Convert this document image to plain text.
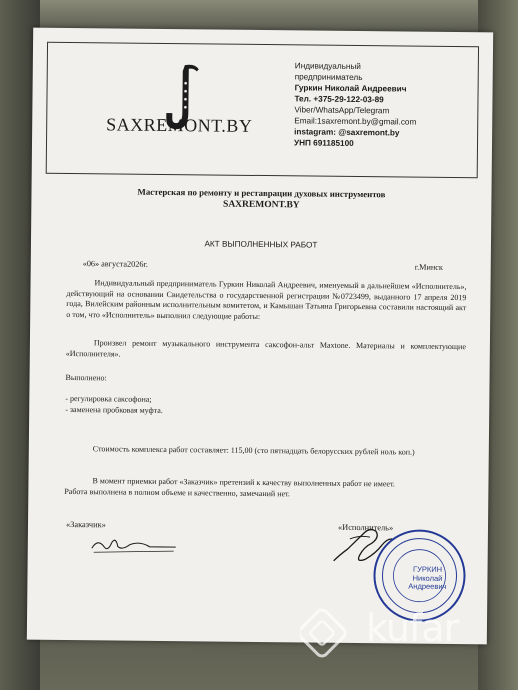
SAXREMONT.BY
Индивидуальный
предприниматель
Гуркин Николай Андреевич
Тел. +375-29-122-03-89
Viber/WhatsApp/Telegram
Email:1saxremont.by@gmail.com
instagram: @saxremont.by
УНП 691185100
Мастерская по ремонту и реставрации духовых инструментов
SAXREMONT.BY
АКТ ВЫПОЛНЕННЫХ РАБОТ
«06» августа2026г.	г.Минск
Индивидуальный предприниматель Гуркин Николай Андреевич, именуемый в дальнейшем «Исполнитель», действующий на основании Свидетельства о государственной регистрации №0723499, выданного 17 апреля 2019 года, Вилейским районным исполнительным комитетом, и Камышан Татьяна Григорьевна составили настоящий акт о том, что «Исполнитель» выполнил следующие работы:
Произвел ремонт музыкального инструмента саксофон-альт Maxtone. Материалы и комплектующие «Исполнителя».
Выполнено:
- регулировка саксофона;
- заменена пробковая муфта.
Стоимость комплекса работ составляет: 115,00 (сто пятнадцать белорусских рублей ноль коп.)
В момент приемки работ «Заказчик» претензий к качеству выполненных работ не имеет.
Работа выполнена в полном объеме и качественно, замечаний нет.
«Заказчик»	«Исполнитель»
ГУРКИН
Николай
Андреевич
kufar
